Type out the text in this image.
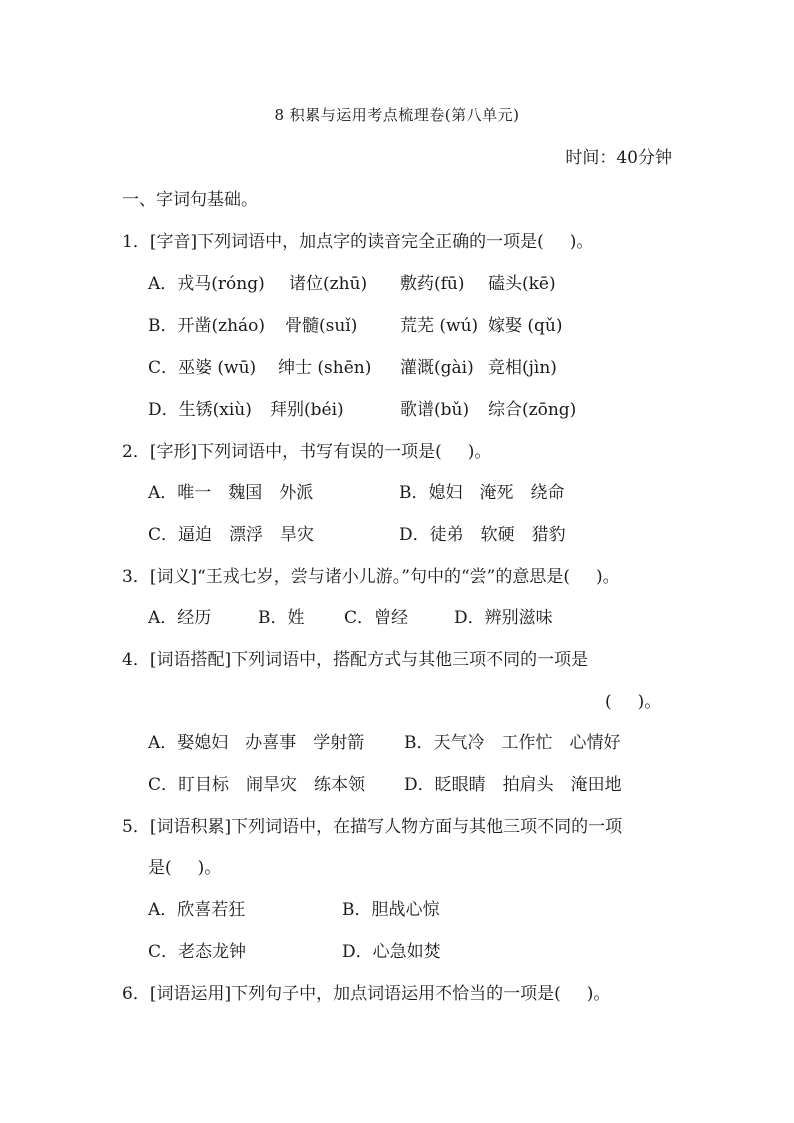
8 积累与运用考点梳理卷(第八单元)
时间：40分钟
一、字词句基础。
1．[字音]下列词语中，加点字的读音完全正确的一项是( )。
A．戎马(róng) 诸位(zhū) 敷药(fū) 磕头(kē)
B．开凿(zháo) 骨髓(suǐ)	荒芜 (wú) 嫁娶 (qǔ)
C．巫婆 (wū) 绅士 (shēn) 灌溉(gài) 竞相(jìn)
D．生锈(xiù) 拜别(béi)	歌谱(bǔ) 综合(zōng)
2．[字形]下列词语中，书写有误的一项是( )。
A．唯一　魏国　外派	B．媳妇　淹死　绕命
C．逼迫　漂浮　旱灾	D．徒弟　软硬　猎豹
3．[词义]“王戎七岁，尝与诸小儿游。”句中的“尝”的意思是( )。
A．经历	B．姓 C．曾经	D．辨别滋味
4．[词语搭配]下列词语中，搭配方式与其他三项不同的一项是
( )。
A．娶媳妇　办喜事　学射箭 B．天气冷　工作忙　心情好
C．盯目标　闹旱灾　练本领 D．眨眼睛　拍肩头　淹田地
5．[词语积累]下列词语中，在描写人物方面与其他三项不同的一项
是( )。
A．欣喜若狂	B．胆战心惊
C．老态龙钟	D．心急如焚
6．[词语运用]下列句子中，加点词语运用不恰当的一项是( )。
